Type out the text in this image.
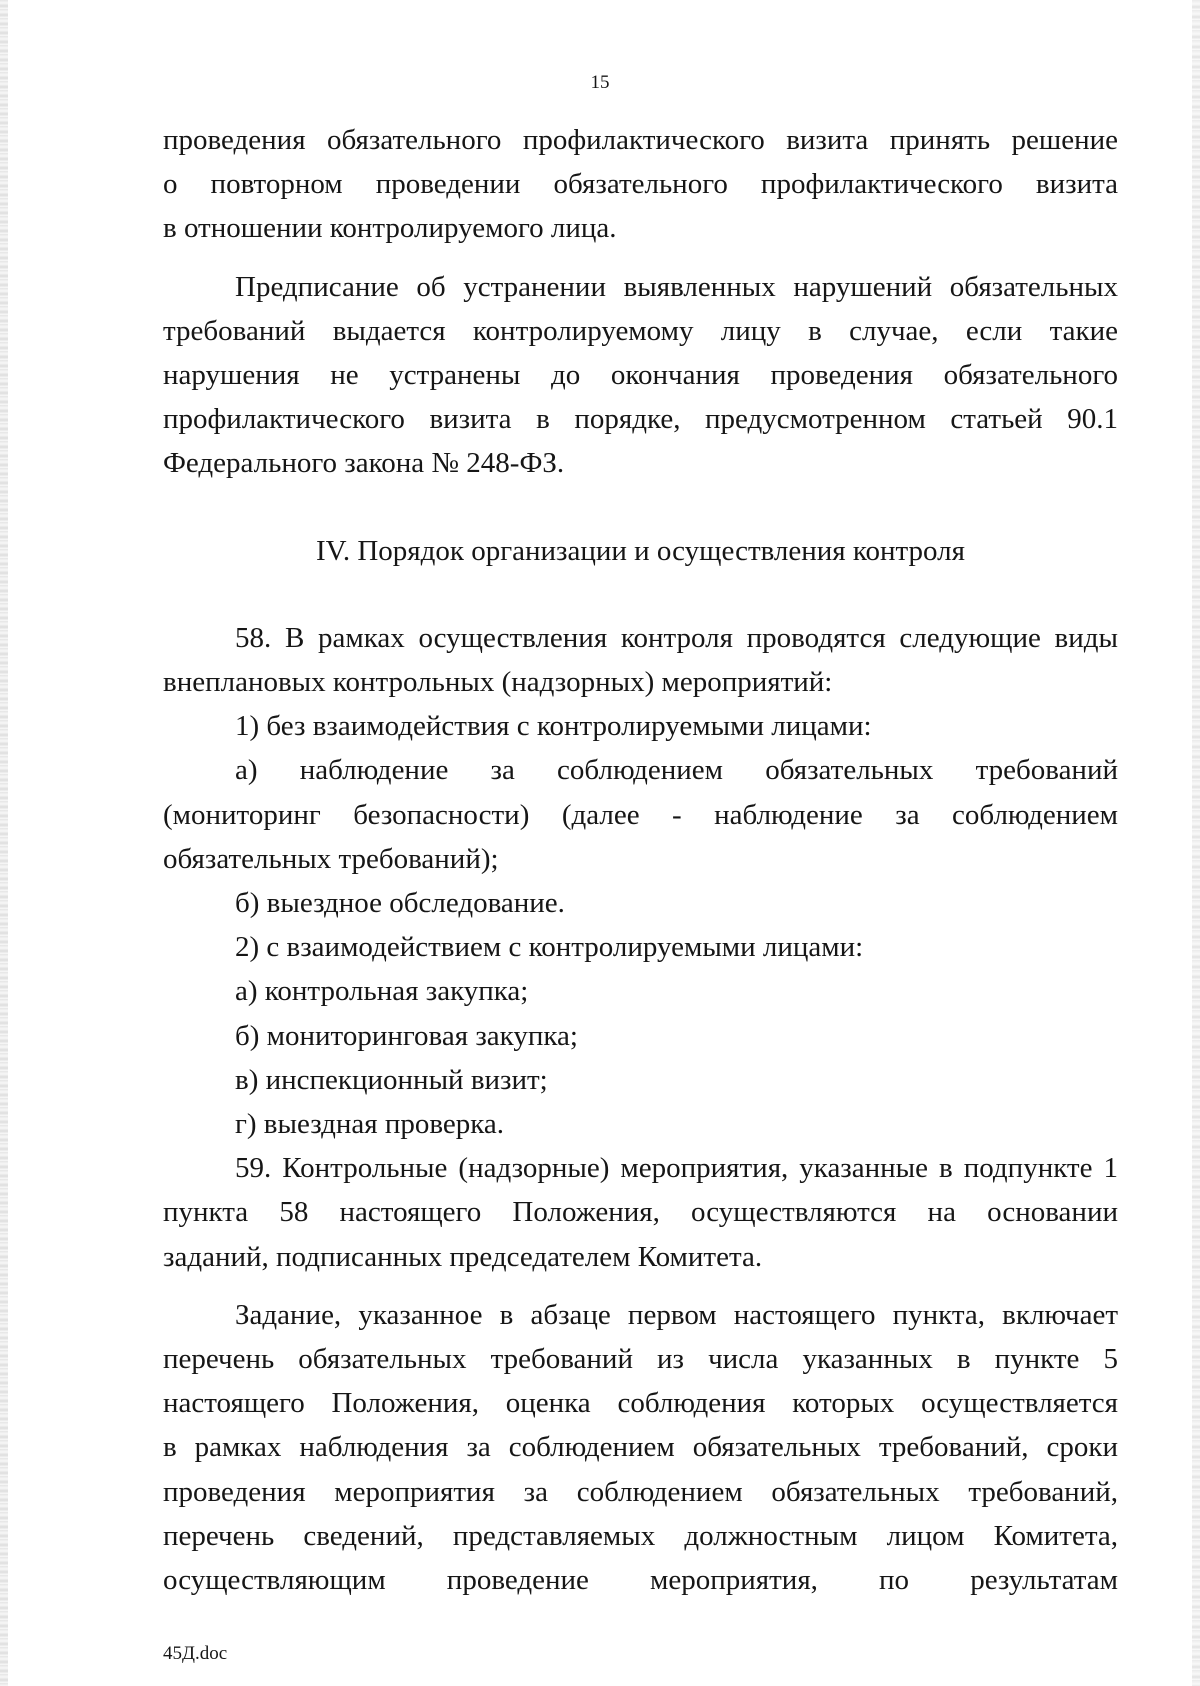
15

проведения обязательного профилактического визита принять решение

о повторном проведении обязательного профилактического визита

в отношении контролируемого лица.

Предписание об устранении выявленных нарушений обязательных

требований выдается контролируемому лицу в случае, если такие

нарушения не устранены до окончания проведения обязательного

профилактического визита в порядке, предусмотренном статьей 90.1

Федерального закона № 248-ФЗ.

IV. Порядок организации и осуществления контроля

58. В рамках осуществления контроля проводятся следующие виды

внеплановых контрольных (надзорных) мероприятий:

1) без взаимодействия с контролируемыми лицами:

а) наблюдение за соблюдением обязательных требований

(мониторинг безопасности) (далее - наблюдение за соблюдением

обязательных требований);

б) выездное обследование.

2) с взаимодействием с контролируемыми лицами:

а) контрольная закупка;

б) мониторинговая закупка;

в) инспекционный визит;

г) выездная проверка.

59. Контрольные (надзорные) мероприятия, указанные в подпункте 1

пункта 58 настоящего Положения, осуществляются на основании

заданий, подписанных председателем Комитета.

Задание, указанное в абзаце первом настоящего пункта, включает

перечень обязательных требований из числа указанных в пункте 5

настоящего Положения, оценка соблюдения которых осуществляется

в рамках наблюдения за соблюдением обязательных требований, сроки

проведения мероприятия за соблюдением обязательных требований,

перечень сведений, представляемых должностным лицом Комитета,

осуществляющим проведение мероприятия, по результатам

45Д.doc
